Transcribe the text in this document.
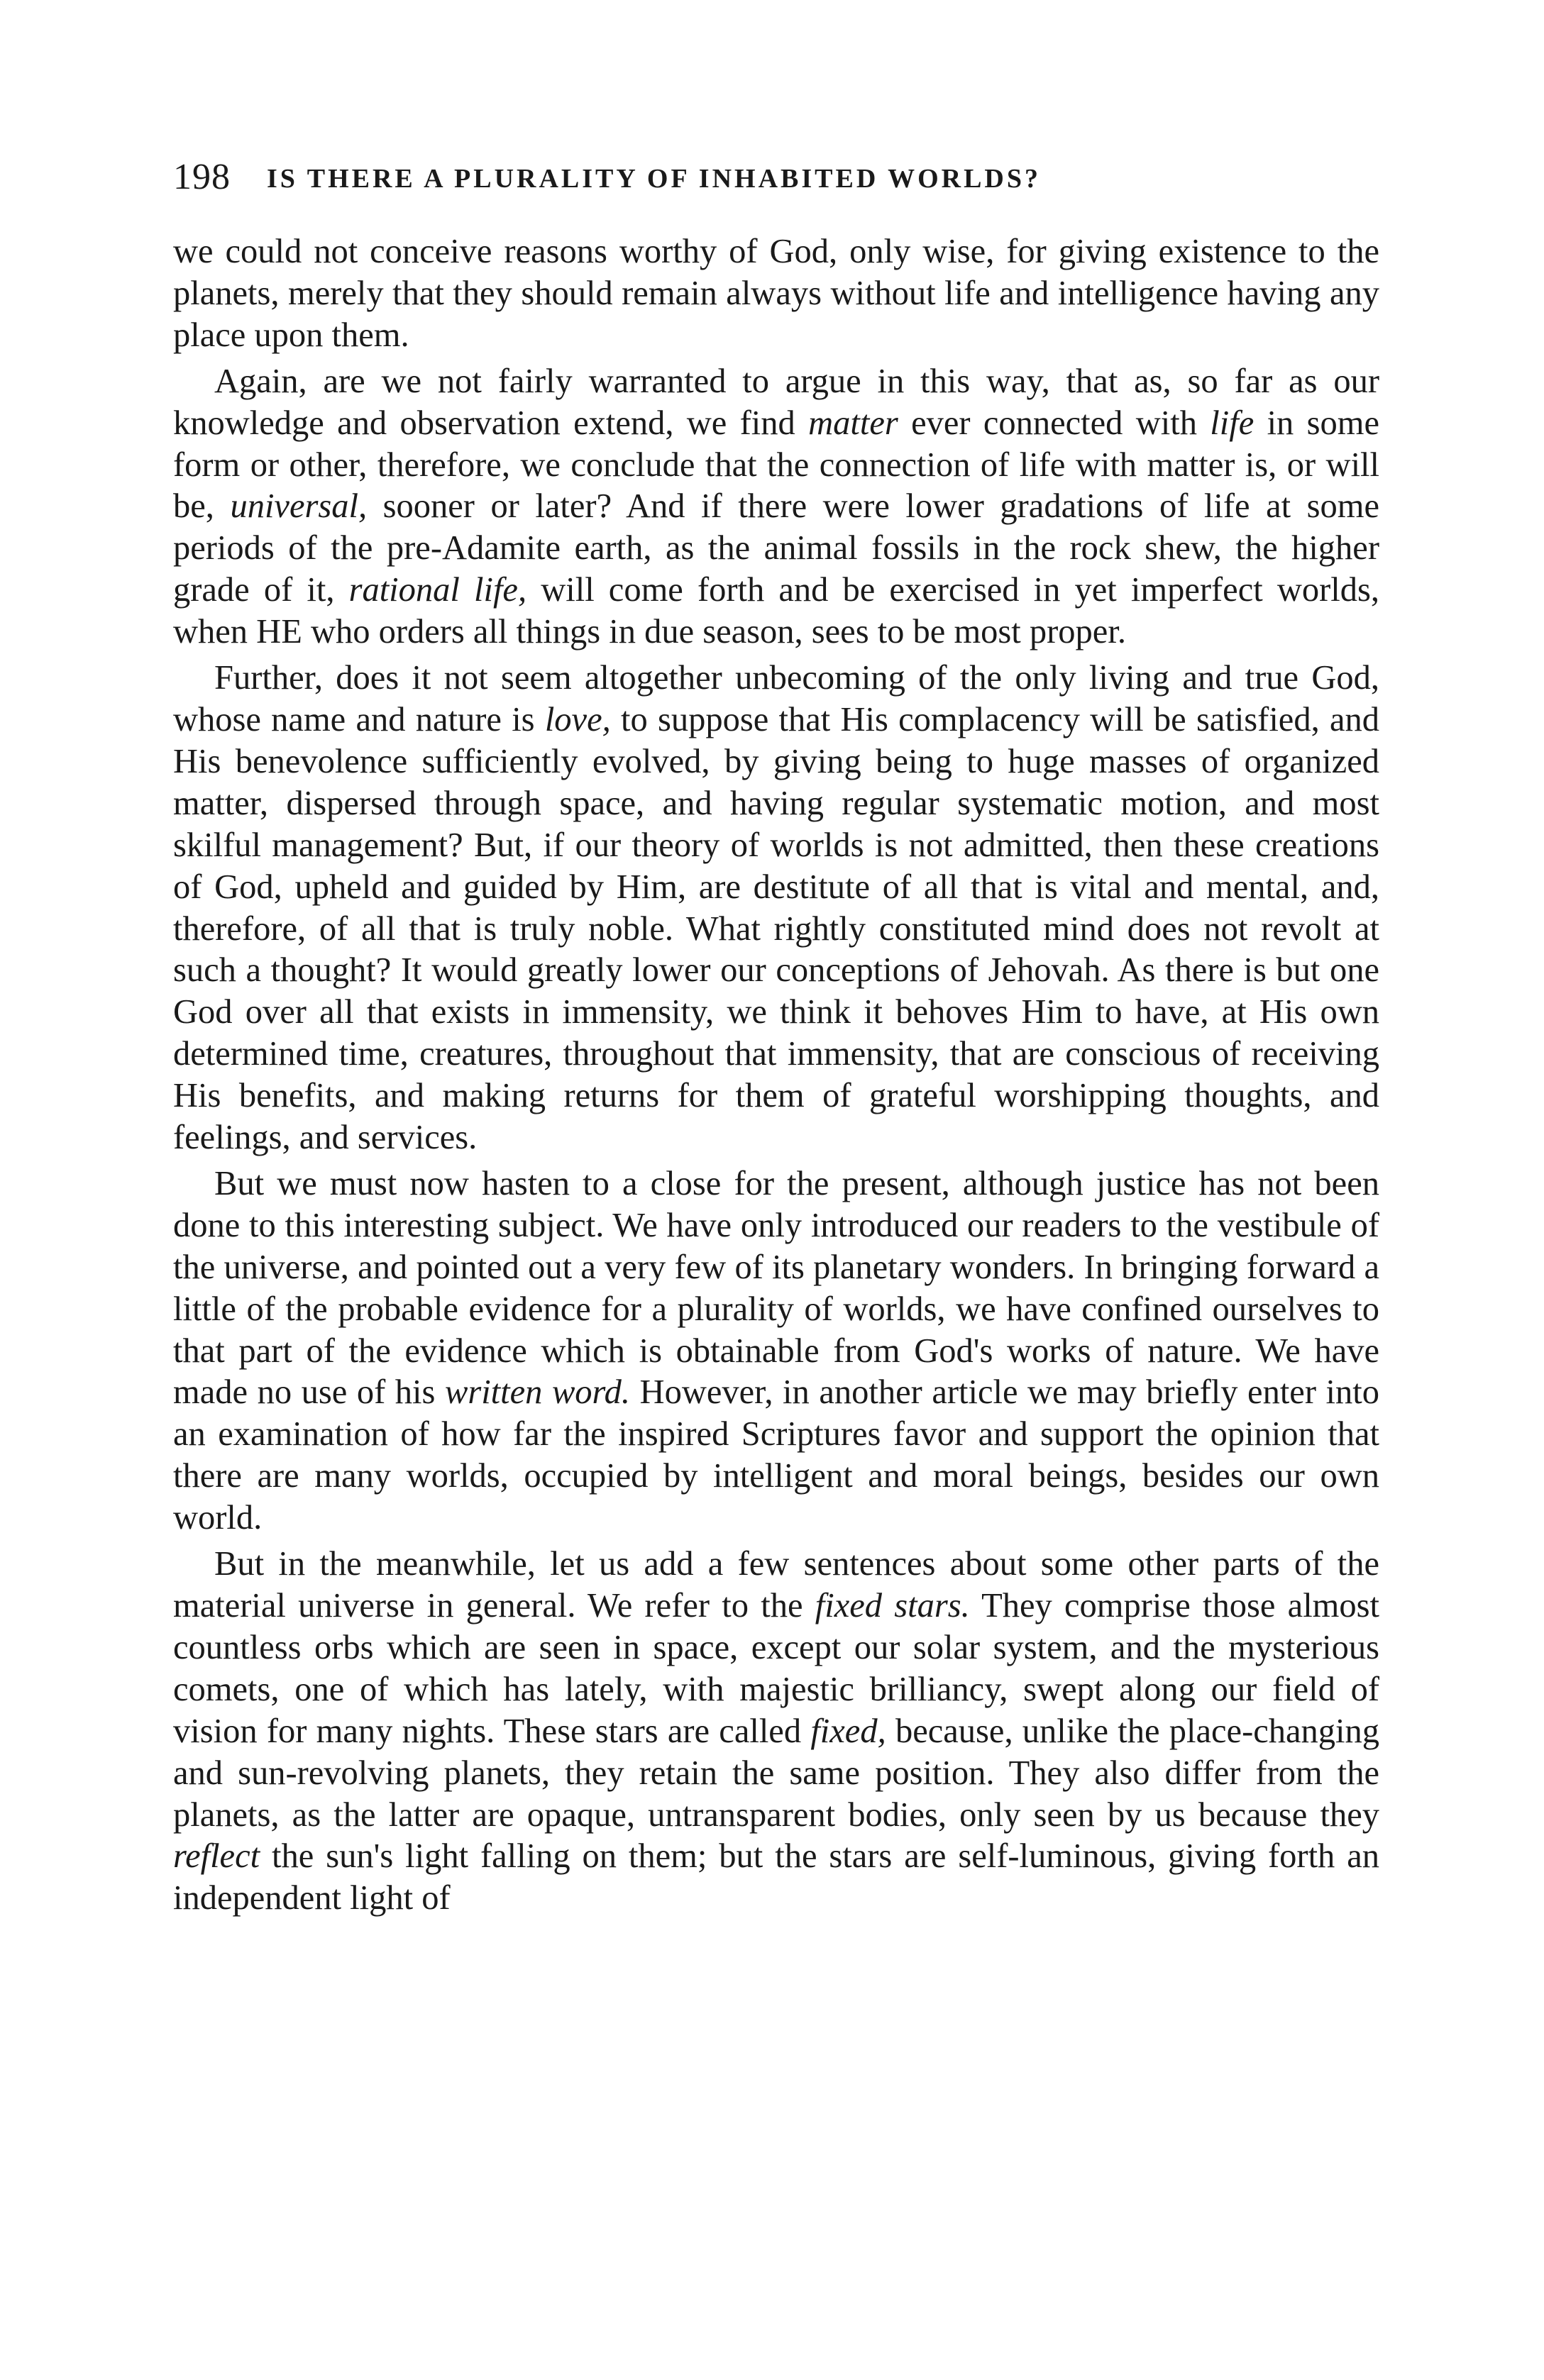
198 IS THERE A PLURALITY OF INHABITED WORLDS?

we could not conceive reasons worthy of God, only wise, for giving existence to the planets, merely that they should remain always without life and intelligence having any place upon them.

Again, are we not fairly warranted to argue in this way, that as, so far as our knowledge and observation extend, we find matter ever connected with life in some form or other, therefore, we conclude that the connection of life with matter is, or will be, universal, sooner or later? And if there were lower gradations of life at some periods of the pre-Adamite earth, as the animal fossils in the rock shew, the higher grade of it, rational life, will come forth and be exercised in yet imperfect worlds, when HE who orders all things in due season, sees to be most proper.

Further, does it not seem altogether unbecoming of the only living and true God, whose name and nature is love, to suppose that His complacency will be satisfied, and His benevolence sufficiently evolved, by giving being to huge masses of organized matter, dispersed through space, and having regular systematic motion, and most skilful management? But, if our theory of worlds is not admitted, then these creations of God, upheld and guided by Him, are destitute of all that is vital and mental, and, therefore, of all that is truly noble. What rightly constituted mind does not revolt at such a thought? It would greatly lower our conceptions of Jehovah. As there is but one God over all that exists in immensity, we think it behoves Him to have, at His own determined time, creatures, throughout that immensity, that are conscious of receiving His benefits, and making returns for them of grateful worshipping thoughts, and feelings, and services.

But we must now hasten to a close for the present, although justice has not been done to this interesting subject. We have only introduced our readers to the vestibule of the universe, and pointed out a very few of its planetary wonders. In bringing forward a little of the probable evidence for a plurality of worlds, we have confined ourselves to that part of the evidence which is obtainable from God's works of nature. We have made no use of his written word. However, in another article we may briefly enter into an examination of how far the inspired Scriptures favor and support the opinion that there are many worlds, occupied by intelligent and moral beings, besides our own world.

But in the meanwhile, let us add a few sentences about some other parts of the material universe in general. We refer to the fixed stars. They comprise those almost countless orbs which are seen in space, except our solar system, and the mysterious comets, one of which has lately, with majestic brilliancy, swept along our field of vision for many nights. These stars are called fixed, because, unlike the place-changing and sun-revolving planets, they retain the same position. They also differ from the planets, as the latter are opaque, untransparent bodies, only seen by us because they reflect the sun's light falling on them; but the stars are self-luminous, giving forth an independent light of
